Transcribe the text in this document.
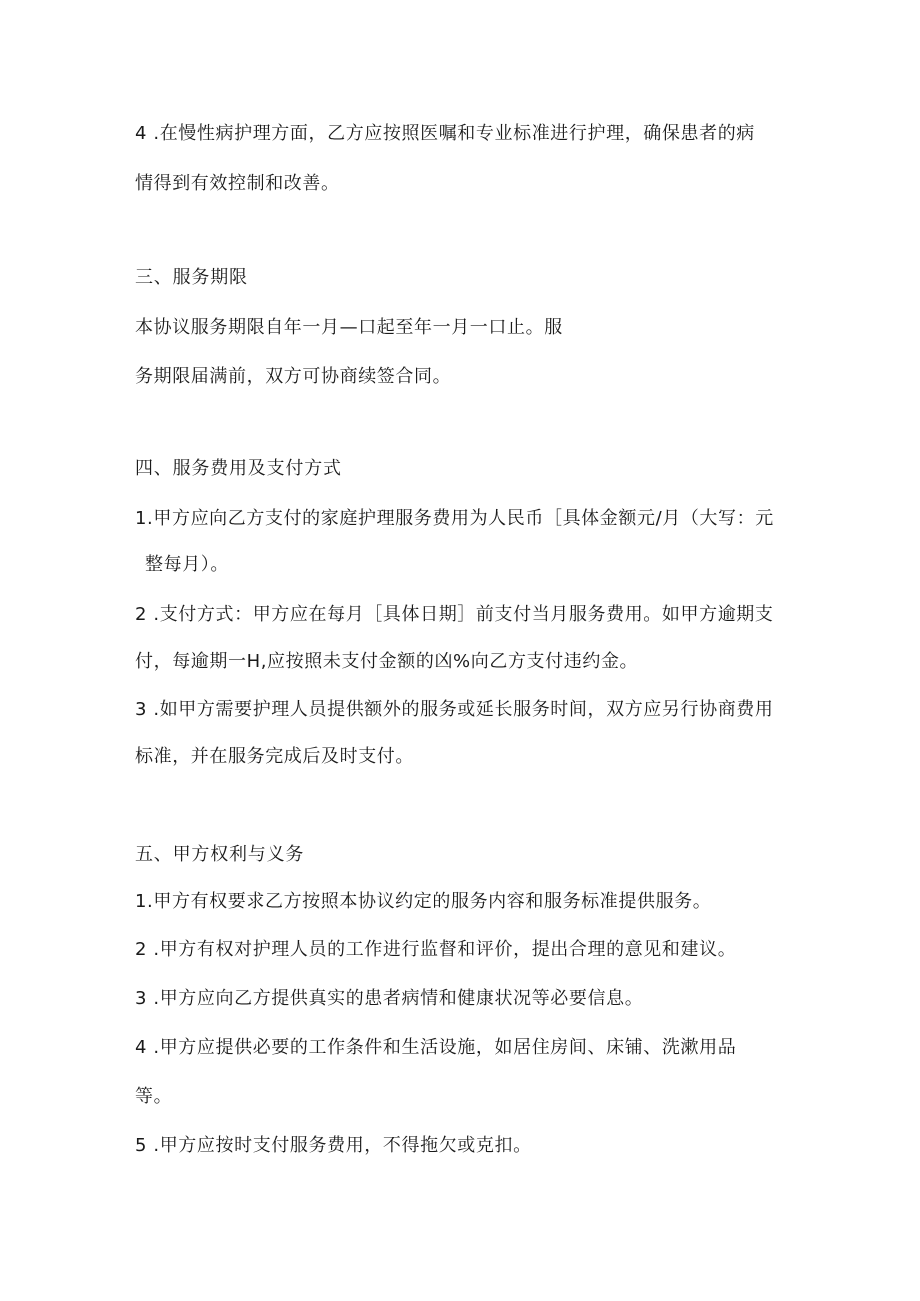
4 .在慢性病护理方面，乙方应按照医嘱和专业标准进行护理，确保患者的病

情得到有效控制和改善。

三、服务期限

本协议服务期限自年一月—口起至年一月一口止。服

务期限届满前，双方可协商续签合同。

四、服务费用及支付方式

1.甲方应向乙方支付的家庭护理服务费用为人民币［具体金额元/月（大写：元

整每月）。

2 .支付方式：甲方应在每月［具体日期］前支付当月服务费用。如甲方逾期支

付，每逾期一H,应按照未支付金额的凶%向乙方支付违约金。

3 .如甲方需要护理人员提供额外的服务或延长服务时间，双方应另行协商费用

标准，并在服务完成后及时支付。

五、甲方权利与义务

1.甲方有权要求乙方按照本协议约定的服务内容和服务标准提供服务。

2 .甲方有权对护理人员的工作进行监督和评价，提出合理的意见和建议。

3 .甲方应向乙方提供真实的患者病情和健康状况等必要信息。

4 .甲方应提供必要的工作条件和生活设施，如居住房间、床铺、洗漱用品

等。

5 .甲方应按时支付服务费用，不得拖欠或克扣。
